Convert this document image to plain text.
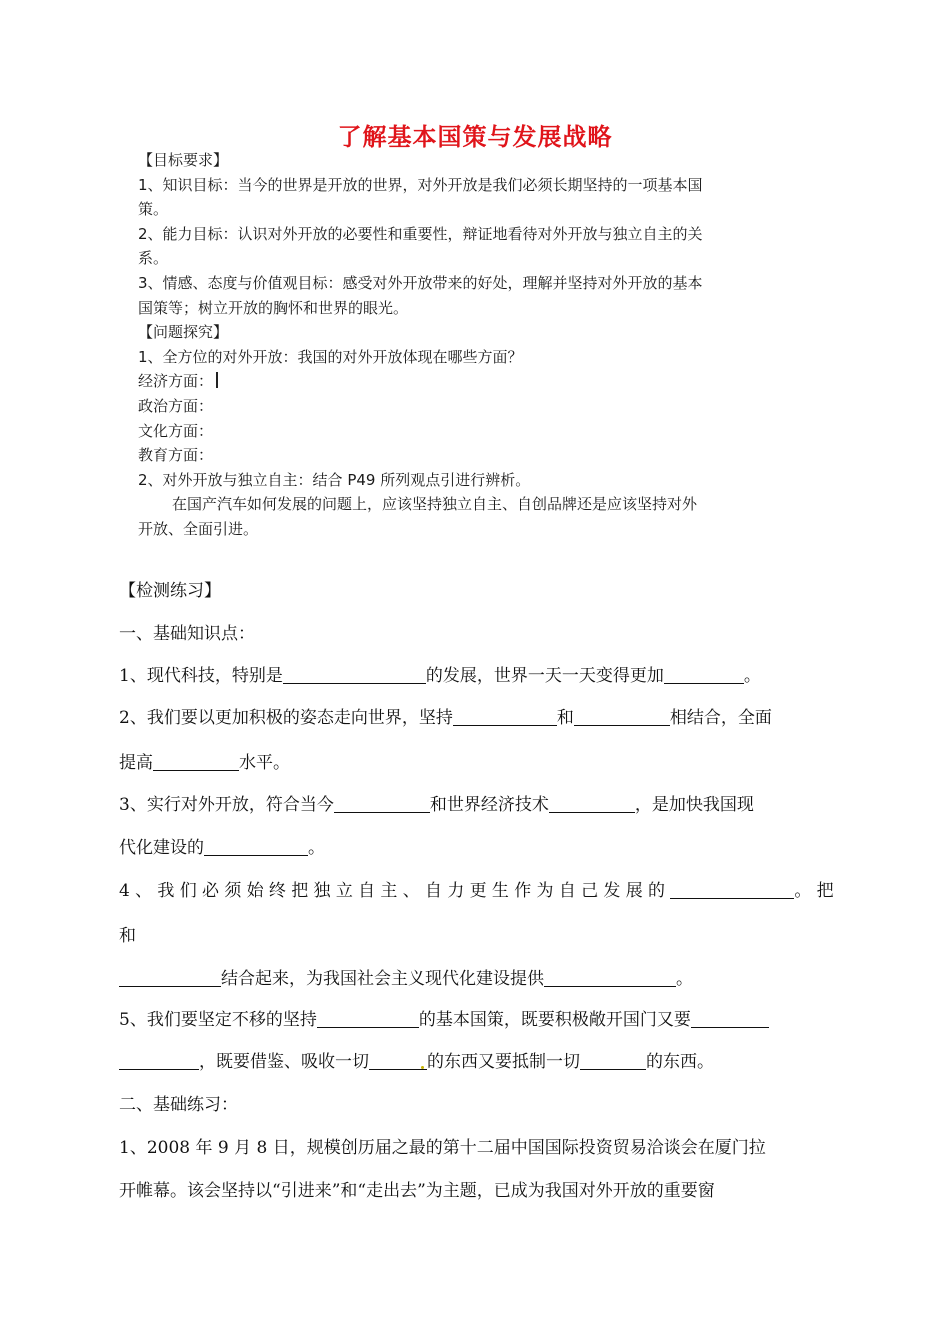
了解基本国策与发展战略
【目标要求】
1、知识目标：当今的世界是开放的世界，对外开放是我们必须长期坚持的一项基本国
策。
2、能力目标：认识对外开放的必要性和重要性，辩证地看待对外开放与独立自主的关
系。
3、情感、态度与价值观目标：感受对外开放带来的好处，理解并坚持对外开放的基本
国策等；树立开放的胸怀和世界的眼光。
【问题探究】
1、全方位的对外开放：我国的对外开放体现在哪些方面？
经济方面：
政治方面：
文化方面：
教育方面：
2、对外开放与独立自主：结合 P49 所列观点引进行辨析。
在国产汽车如何发展的问题上，应该坚持独立自主、自创品牌还是应该坚持对外
开放、全面引进。
【检测练习】
一、基础知识点：
1、现代科技，特别是	的发展，世界一天一天变得更加	。
2、我们要以更加积极的姿态走向世界，坚持	和	相结合，全面
提高	水平。
3、实行对外开放，符合当今	和世界经济技术	，是加快我国现
代化建设的	。
4、我们必须始终把独立自主、自力更生作为自己发展的	。把
和
结合起来，为我国社会主义现代化建设提供	。
5、我们要坚定不移的坚持	的基本国策，既要积极敞开国门又要
，既要借鉴、吸收一切	的东西又要抵制一切	的东西。
二、基础练习：
1、2008 年 9 月 8 日，规模创历届之最的第十二届中国国际投资贸易洽谈会在厦门拉
开帷幕。该会坚持以“引进来”和“走出去”为主题，已成为我国对外开放的重要窗
